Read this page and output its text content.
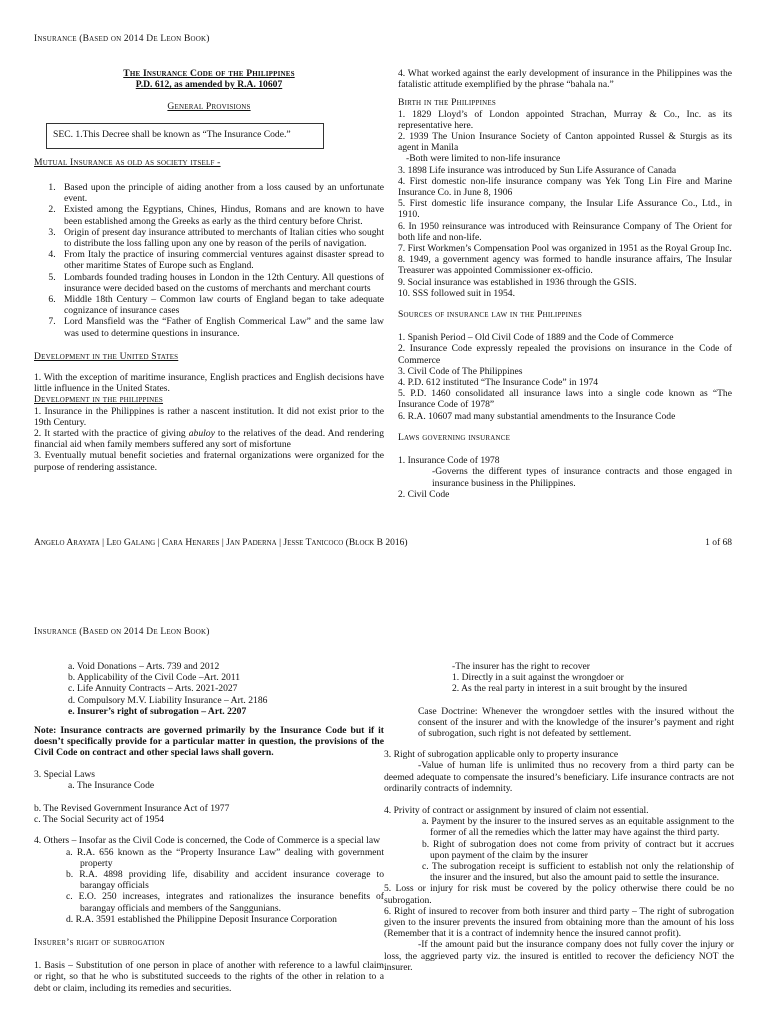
Insurance (Based on 2014 De Leon Book)

The Insurance Code of the Philippines

P.D. 612, as amended by R.A. 10607

General Provisions

SEC. 1.This Decree shall be known as “The Insurance Code.”

Mutual Insurance as old as society itself -

1. Based upon the principle of aiding another from a loss caused by an unfortunate event.
2. Existed among the Egyptians, Chines, Hindus, Romans and are known to have been established among the Greeks as early as the third century before Christ.
3. Origin of present day insurance attributed to merchants of Italian cities who sought to distribute the loss falling upon any one by reason of the perils of navigation.
4. From Italy the practice of insuring commercial ventures against disaster spread to other maritime States of Europe such as England.
5. Lombards founded trading houses in London in the 12th Century. All questions of insurance were decided based on the customs of merchants and merchant courts
6. Middle 18th Century – Common law courts of England began to take adequate cognizance of insurance cases
7. Lord Mansfield was the “Father of English Commerical Law” and the same law was used to determine questions in insurance.

Development in the United States

1. With the exception of maritime insurance, English practices and English decisions have little influence in the United States.

Development in the philippines

1. Insurance in the Philippines is rather a nascent institution. It did not exist prior to the 19th Century.

2. It started with the practice of giving abuloy to the relatives of the dead. And rendering financial aid when family members suffered any sort of misfortune

3. Eventually mutual benefit societies and fraternal organizations were organized for the purpose of rendering assistance.

4. What worked against the early development of insurance in the Philippines was the fatalistic attitude exemplified by the phrase “bahala na.”

Birth in the Philippines

1. 1829 Lloyd’s of London appointed Strachan, Murray & Co., Inc. as its representative here.

2. 1939 The Union Insurance Society of Canton appointed Russel & Sturgis as its agent in Manila

-Both were limited to non-life insurance

3. 1898 Life insurance was introduced by Sun Life Assurance of Canada

4. First domestic non-life insurance company was Yek Tong Lin Fire and Marine Insurance Co. in June 8, 1906

5. First domestic life insurance company, the Insular Life Assurance Co., Ltd., in 1910.

6. In 1950 reinsurance was introduced with Reinsurance Company of The Orient for both life and non-life.

7. First Workmen’s Compensation Pool was organized in 1951 as the Royal Group Inc.

8. 1949, a government agency was formed to handle insurance affairs, The Insular Treasurer was appointed Commissioner ex-officio.

9. Social insurance was established in 1936 through the GSIS.

10. SSS followed suit in 1954.

Sources of insurance law in the Philippines

1. Spanish Period – Old Civil Code of 1889 and the Code of Commerce

2. Insurance Code expressly repealed the provisions on insurance in the Code of Commerce

3. Civil Code of The Philippines

4. P.D. 612 instituted “The Insurance Code” in 1974

5. P.D. 1460 consolidated all insurance laws into a single code known as “The Insurance Code of 1978”

6. R.A. 10607 mad many substantial amendments to the Insurance Code

Laws governing insurance

1. Insurance Code of 1978

-Governs the different types of insurance contracts and those engaged in insurance business in the Philippines.

2. Civil Code

Angelo Arayata | Leo Galang | Cara Henares | Jan Paderna | Jesse Tanicoco (Block B 2016)	1 of 68
Insurance (Based on 2014 De Leon Book)

a. Void Donations – Arts. 739 and 2012

b. Applicability of the Civil Code –Art. 2011

c. Life Annuity Contracts – Arts. 2021-2027

d. Compulsory M.V. Liability Insurance – Art. 2186

e. Insurer’s right of subrogation – Art. 2207

Note: Insurance contracts are governed primarily by the Insurance Code but if it doesn’t specifically provide for a particular matter in question, the provisions of the Civil Code on contract and other special laws shall govern.

3. Special Laws

a. The Insurance Code

b. The Revised Government Insurance Act of 1977

c. The Social Security act of 1954

4. Others – Insofar as the Civil Code is concerned, the Code of Commerce is a special law

a. R.A. 656 known as the “Property Insurance Law” dealing with government property

b. R.A. 4898 providing life, disability and accident insurance coverage to barangay officials

c. E.O. 250 increases, integrates and rationalizes the insurance benefits of barangay officials and members of the Sanggunians.

d. R.A. 3591 established the Philippine Deposit Insurance Corporation

Insurer’s right of subrogation

1. Basis – Substitution of one person in place of another with reference to a lawful claim or right, so that he who is substituted succeeds to the rights of the other in relation to a debt or claim, including its remedies and securities.

-The insurer has the right to recover

1. Directly in a suit against the wrongdoer or

2. As the real party in interest in a suit brought by the insured

Case Doctrine: Whenever the wrongdoer settles with the insured without the consent of the insurer and with the knowledge of the insurer’s payment and right of subrogation, such right is not defeated by settlement.

3. Right of subrogation applicable only to property insurance

-Value of human life is unlimited thus no recovery from a third party can be deemed adequate to compensate the insured’s beneficiary. Life insurance contracts are not ordinarily contracts of indemnity.

4. Privity of contract or assignment by insured of claim not essential.

a. Payment by the insurer to the insured serves as an equitable assignment to the former of all the remedies which the latter may have against the third party.

b. Right of subrogation does not come from privity of contract but it accrues upon payment of the claim by the insurer

c. The subrogation receipt is sufficient to establish not only the relationship of the insurer and the insured, but also the amount paid to settle the insurance.

5. Loss or injury for risk must be covered by the policy otherwise there could be no subrogation.

6. Right of insured to recover from both insurer and third party – The right of subrogation given to the insurer prevents the insured from obtaining more than the amount of his loss (Remember that it is a contract of indemnity hence the insured cannot profit).

-If the amount paid but the insurance company does not fully cover the injury or loss, the aggrieved party viz. the insured is entitled to recover the deficiency NOT the insurer.
